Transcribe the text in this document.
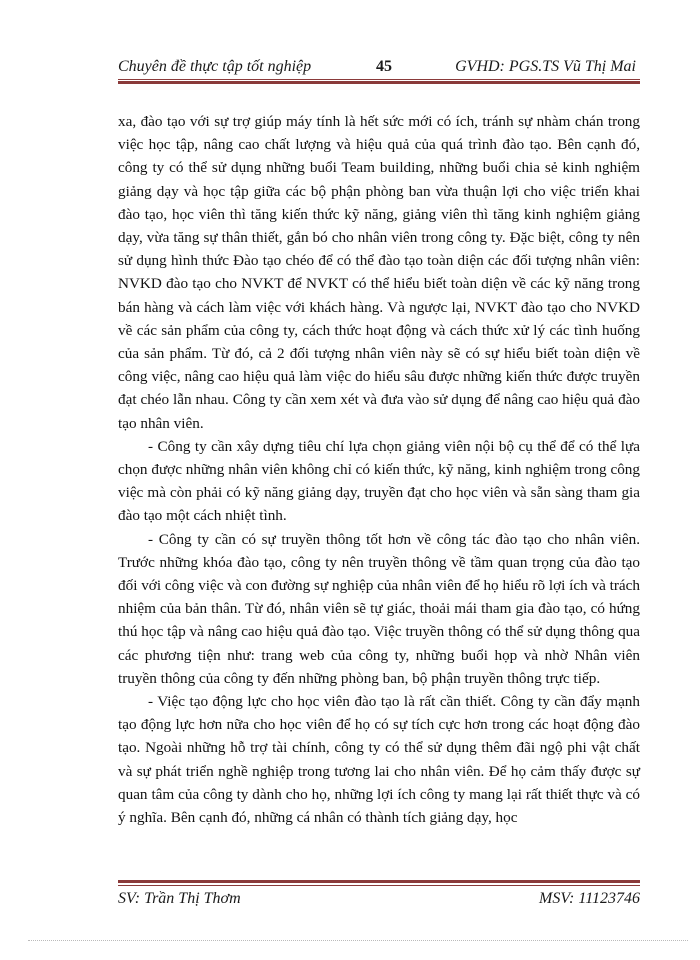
Chuyên đề thực tập tốt nghiệp	45	GVHD: PGS.TS Vũ Thị Mai

xa, đào tạo với sự trợ giúp máy tính là hết sức mới có ích, tránh sự nhàm chán trong việc học tập, nâng cao chất lượng và hiệu quả của quá trình đào tạo. Bên cạnh đó, công ty có thể sử dụng những buổi Team building, những buổi chia sẻ kinh nghiệm giảng dạy và học tập giữa các bộ phận phòng ban vừa thuận lợi cho việc triển khai đào tạo, học viên thì tăng kiến thức kỹ năng, giảng viên thì tăng kinh nghiệm giảng dạy, vừa tăng sự thân thiết, gắn bó cho nhân viên trong công ty. Đặc biệt, công ty nên sử dụng hình thức Đào tạo chéo để có thể đào tạo toàn diện các đối tượng nhân viên: NVKD đào tạo cho NVKT để NVKT có thể hiểu biết toàn diện về các kỹ năng trong bán hàng và cách làm việc với khách hàng. Và ngược lại, NVKT đào tạo cho NVKD về các sản phẩm của công ty, cách thức hoạt động và cách thức xử lý các tình huống của sản phẩm. Từ đó, cả 2 đối tượng nhân viên này sẽ có sự hiểu biết toàn diện về công việc, nâng cao hiệu quả làm việc do hiểu sâu được những kiến thức được truyền đạt chéo lẫn nhau. Công ty cần xem xét và đưa vào sử dụng để nâng cao hiệu quả đào tạo nhân viên.

- Công ty cần xây dựng tiêu chí lựa chọn giảng viên nội bộ cụ thể để có thể lựa chọn được những nhân viên không chỉ có kiến thức, kỹ năng, kinh nghiệm trong công việc mà còn phải có kỹ năng giảng dạy, truyền đạt cho học viên và sẵn sàng tham gia đào tạo một cách nhiệt tình.

- Công ty cần có sự truyền thông tốt hơn về công tác đào tạo cho nhân viên. Trước những khóa đào tạo, công ty nên truyền thông về tầm quan trọng của đào tạo đối với công việc và con đường sự nghiệp của nhân viên để họ hiểu rõ lợi ích và trách nhiệm của bản thân. Từ đó, nhân viên sẽ tự giác, thoải mái tham gia đào tạo, có hứng thú học tập và nâng cao hiệu quả đào tạo. Việc truyền thông có thể sử dụng thông qua các phương tiện như: trang web của công ty, những buổi họp và nhờ Nhân viên truyền thông của công ty đến những phòng ban, bộ phận truyền thông trực tiếp.

- Việc tạo động lực cho học viên đào tạo là rất cần thiết. Công ty cần đẩy mạnh tạo động lực hơn nữa cho học viên để họ có sự tích cực hơn trong các hoạt động đào tạo. Ngoài những hỗ trợ tài chính, công ty có thể sử dụng thêm đãi ngộ phi vật chất và sự phát triển nghề nghiệp trong tương lai cho nhân viên. Để họ cảm thấy được sự quan tâm của công ty dành cho họ, những lợi ích công ty mang lại rất thiết thực và có ý nghĩa. Bên cạnh đó, những cá nhân có thành tích giảng dạy, học

SV: Trần Thị Thơm	MSV: 11123746
